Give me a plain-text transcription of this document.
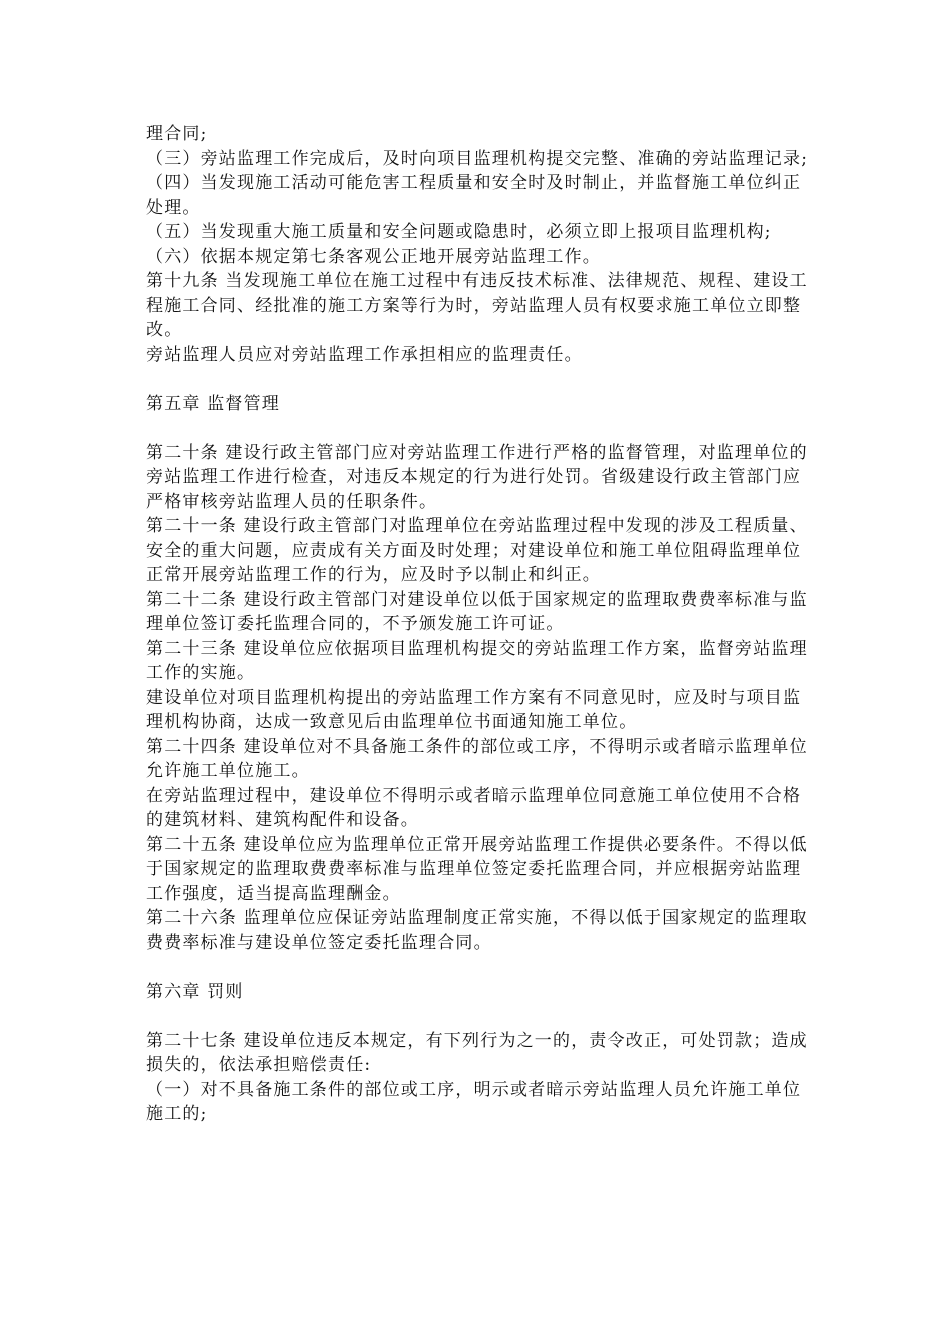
理合同;

（三）旁站监理工作完成后，及时向项目监理机构提交完整、准确的旁站监理记录;

（四）当发现施工活动可能危害工程质量和安全时及时制止，并监督施工单位纠正处理。

（五）当发现重大施工质量和安全问题或隐患时，必须立即上报项目监理机构;

（六）依据本规定第七条客观公正地开展旁站监理工作。

第十九条 当发现施工单位在施工过程中有违反技术标准、法律规范、规程、建设工程施工合同、经批准的施工方案等行为时，旁站监理人员有权要求施工单位立即整改。

旁站监理人员应对旁站监理工作承担相应的监理责任。

第五章 监督管理

第二十条 建设行政主管部门应对旁站监理工作进行严格的监督管理，对监理单位的旁站监理工作进行检查，对违反本规定的行为进行处罚。省级建设行政主管部门应严格审核旁站监理人员的任职条件。

第二十一条 建设行政主管部门对监理单位在旁站监理过程中发现的涉及工程质量、安全的重大问题，应责成有关方面及时处理；对建设单位和施工单位阻碍监理单位正常开展旁站监理工作的行为，应及时予以制止和纠正。

第二十二条 建设行政主管部门对建设单位以低于国家规定的监理取费费率标准与监理单位签订委托监理合同的，不予颁发施工许可证。

第二十三条 建设单位应依据项目监理机构提交的旁站监理工作方案，监督旁站监理工作的实施。

建设单位对项目监理机构提出的旁站监理工作方案有不同意见时，应及时与项目监理机构协商，达成一致意见后由监理单位书面通知施工单位。

第二十四条 建设单位对不具备施工条件的部位或工序，不得明示或者暗示监理单位允许施工单位施工。

在旁站监理过程中，建设单位不得明示或者暗示监理单位同意施工单位使用不合格的建筑材料、建筑构配件和设备。

第二十五条 建设单位应为监理单位正常开展旁站监理工作提供必要条件。不得以低于国家规定的监理取费费率标准与监理单位签定委托监理合同，并应根据旁站监理工作强度，适当提高监理酬金。

第二十六条 监理单位应保证旁站监理制度正常实施，不得以低于国家规定的监理取费费率标准与建设单位签定委托监理合同。

第六章 罚则

第二十七条 建设单位违反本规定，有下列行为之一的，责令改正，可处罚款；造成损失的，依法承担赔偿责任:

（一）对不具备施工条件的部位或工序，明示或者暗示旁站监理人员允许施工单位施工的;
